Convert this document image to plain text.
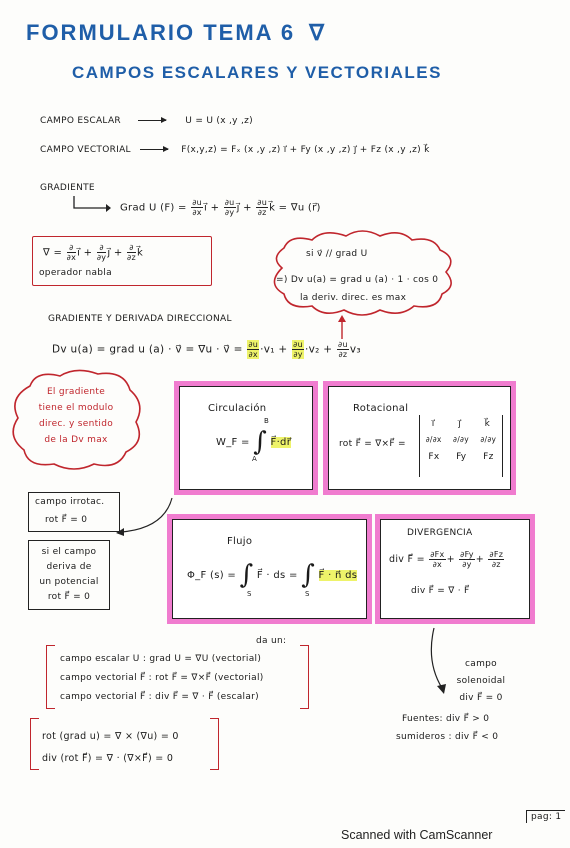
FORMULARIO TEMA 6 ∇
CAMPOS ESCALARES Y VECTORIALES
CAMPO ESCALAR	U = U (x ,y ,z)
CAMPO VECTORIAL	F(x,y,z) = Fₓ (x ,y ,z) i⃗ + Fy (x ,y ,z) j⃗ + Fz (x ,y ,z) k⃗
GRADIENTE
Grad U $(F) = \frac{\partial u}{\partial x}$ i⃗ + $\frac{\partial u}{\partial y}$ j⃗ + $\frac{\partial u}{\partial z}$ k⃗ = ∇u (r⃗)
∇ = $\frac{\partial}{\partial x}$ i⃗ + $\frac{\partial}{\partial y}$ j⃗ + $\frac{\partial}{\partial z}$ k⃗
operador nabla
si v⃗ // grad U
=) Dv u(a) = grad u (a) · 1 · cos 0
la deriv. direc. es max
GRADIENTE Y DERIVADA DIRECCIONAL
Dv u(a) = grad u (a) · v⃗ = ∇u · v⃗ = $\frac{\partial u}{\partial x} \cdot v_1 + \frac{\partial u}{\partial y} \cdot v_2 + \frac{\partial u}{\partial z} v_3$
El gradiente
tiene el modulo
direc. y sentido
de la Dv max
Circulación
W_F = ∫ F⃗·dr⃗
B
A
Rotacional
rot F⃗ = ∇×F⃗ =
i⃗	j⃗	k⃗
∂/∂x ∂/∂y ∂/∂y
Fx Fy Fz
campo irrotac.
rot F⃗ = 0
si el campo
deriva de
un potencial
rot F⃗ = 0
Flujo
Φ_F (s) = ∫ F⃗ · ds = ∫ F⃗ · n⃗ ds
S	S
DIVERGENCIA
div F⃗ = $\frac{\partial Fx}{\partial x} + \frac{\partial Fy}{\partial y} + \frac{\partial Fz}{\partial z}$
div F⃗ = ∇ · F⃗
da un:
campo escalar U : grad U = ∇U (vectorial)
campo vectorial F⃗ : rot F⃗ = ∇×F⃗ (vectorial)
campo vectorial F⃗ : div F⃗ = ∇ · F⃗ (escalar)
campo
solenoidal
div F⃗ = 0
Fuentes: div F⃗ > 0
sumideros : div F⃗ < 0
rot (grad u) = ∇ × (∇u) = 0
div (rot F⃗) = ∇ · (∇×F⃗) = 0
pag: 1
Scanned with CamScanner
